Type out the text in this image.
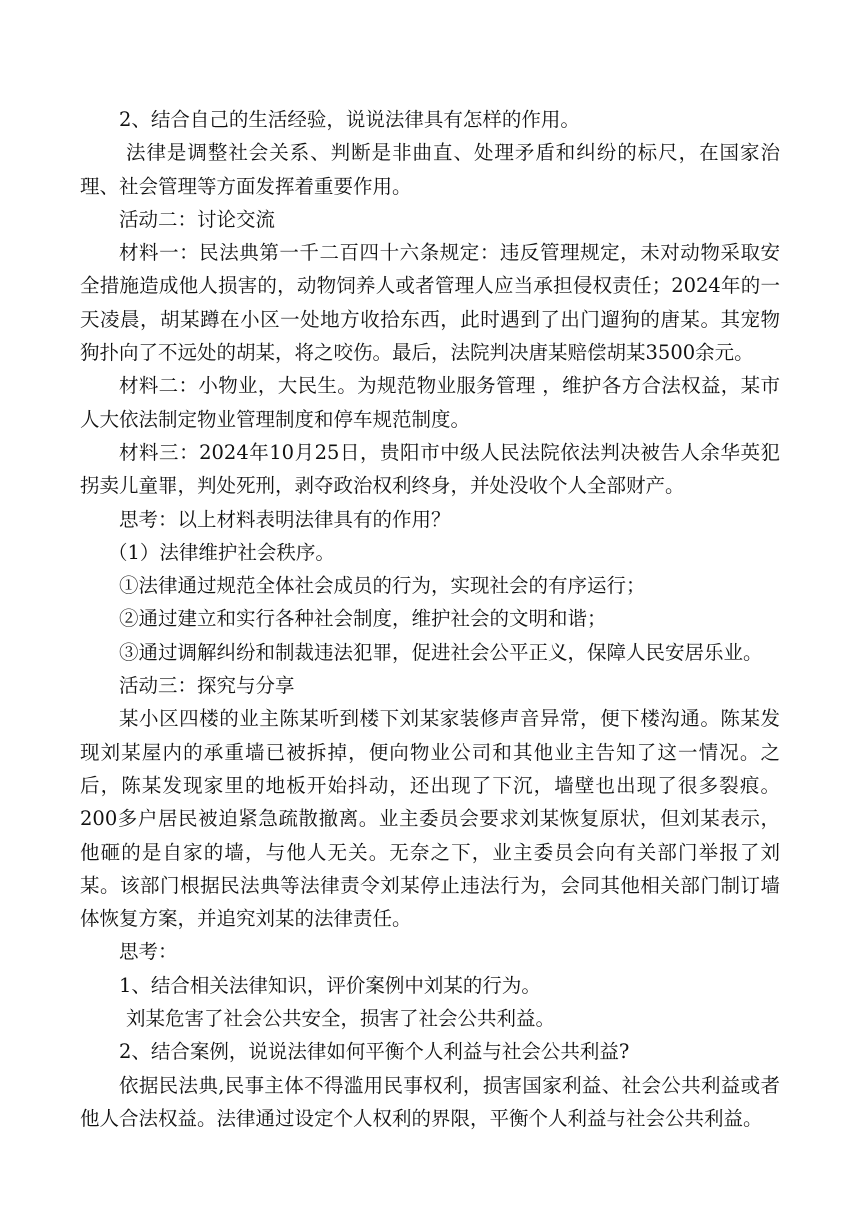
2、结合自己的生活经验，说说法律具有怎样的作用。

法律是调整社会关系、判断是非曲直、处理矛盾和纠纷的标尺，在国家治理、社会管理等方面发挥着重要作用。

活动二：讨论交流

材料一：民法典第一千二百四十六条规定：违反管理规定，未对动物采取安全措施造成他人损害的，动物饲养人或者管理人应当承担侵权责任；2024年的一天凌晨，胡某蹲在小区一处地方收拾东西，此时遇到了出门遛狗的唐某。其宠物狗扑向了不远处的胡某，将之咬伤。最后，法院判决唐某赔偿胡某3500余元。

材料二：小物业，大民生。为规范物业服务管理 ，维护各方合法权益，某市人大依法制定物业管理制度和停车规范制度。

材料三：2024年10月25日，贵阳市中级人民法院依法判决被告人余华英犯拐卖儿童罪，判处死刑，剥夺政治权利终身，并处没收个人全部财产。

思考：以上材料表明法律具有的作用？

（1）法律维护社会秩序。

①法律通过规范全体社会成员的行为，实现社会的有序运行；

②通过建立和实行各种社会制度，维护社会的文明和谐；

③通过调解纠纷和制裁违法犯罪，促进社会公平正义，保障人民安居乐业。

活动三：探究与分享

某小区四楼的业主陈某听到楼下刘某家装修声音异常，便下楼沟通。陈某发现刘某屋内的承重墙已被拆掉，便向物业公司和其他业主告知了这一情况。之后，陈某发现家里的地板开始抖动，还出现了下沉，墙壁也出现了很多裂痕。200多户居民被迫紧急疏散撤离。业主委员会要求刘某恢复原状，但刘某表示，他砸的是自家的墙，与他人无关。无奈之下，业主委员会向有关部门举报了刘某。该部门根据民法典等法律责令刘某停止违法行为，会同其他相关部门制订墙体恢复方案，并追究刘某的法律责任。

思考：

1、结合相关法律知识，评价案例中刘某的行为。

刘某危害了社会公共安全，损害了社会公共利益。

2、结合案例，说说法律如何平衡个人利益与社会公共利益?

依据民法典,民事主体不得滥用民事权利，损害国家利益、社会公共利益或者他人合法权益。法律通过设定个人权利的界限，平衡个人利益与社会公共利益。
